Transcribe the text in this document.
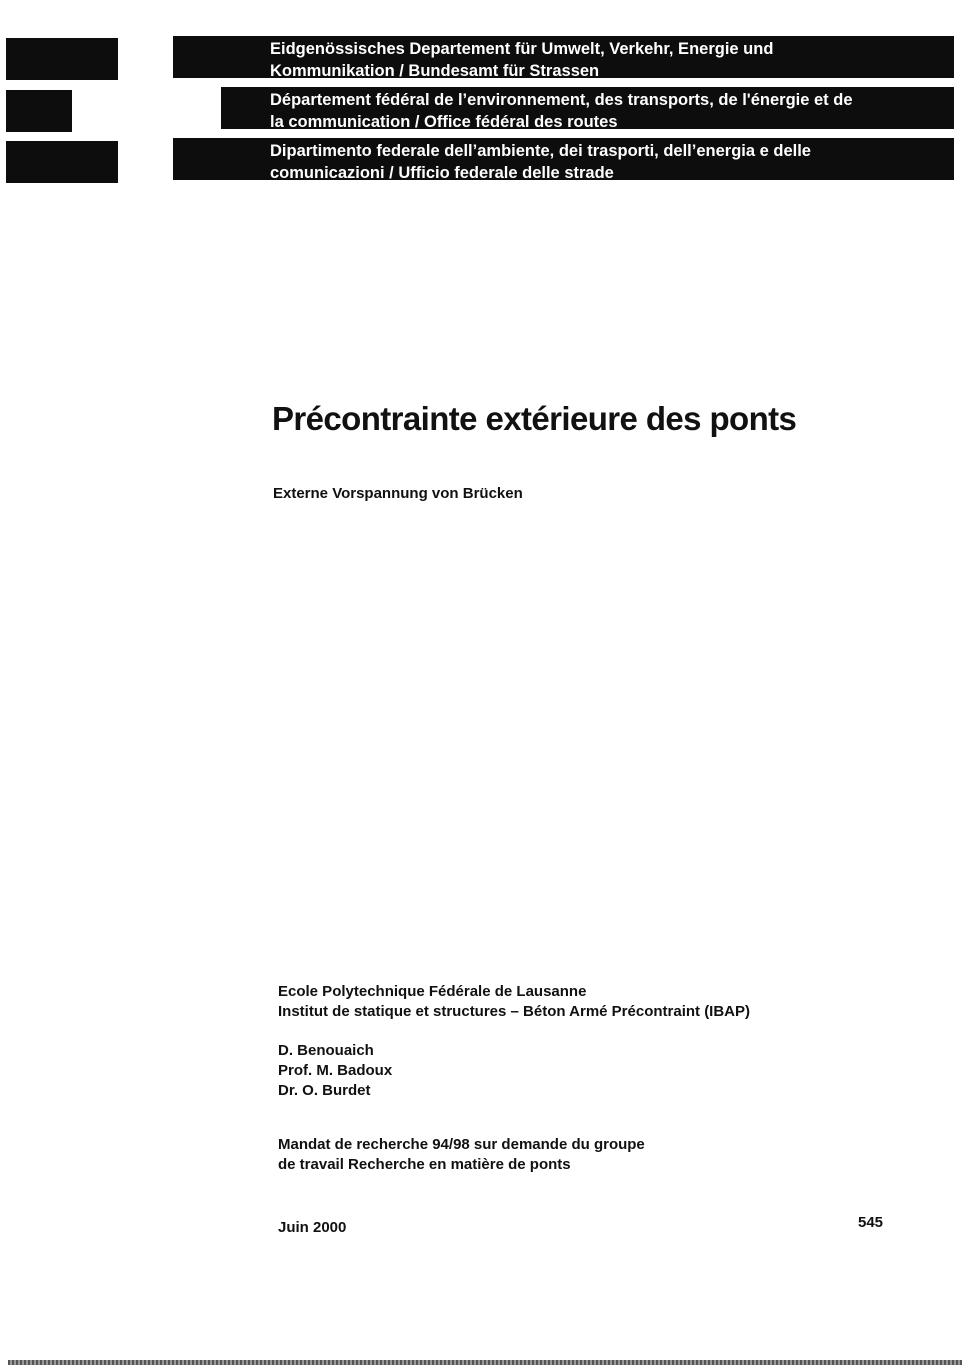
Eidgenössisches Departement für Umwelt, Verkehr, Energie und
Kommunikation / Bundesamt für Strassen
Département fédéral de l’environnement, des transports, de l'énergie et de
la communication / Office fédéral des routes
Dipartimento federale dell’ambiente, dei trasporti, dell’energia e delle
comunicazioni / Ufficio federale delle strade
Précontrainte extérieure des ponts
Externe Vorspannung von Brücken
Ecole Polytechnique Fédérale de Lausanne
Institut de statique et structures – Béton Armé Précontraint (IBAP)
D. Benouaich
Prof. M. Badoux
Dr. O. Burdet
Mandat de recherche 94/98 sur demande du groupe
de travail Recherche en matière de ponts
Juin 2000	545
